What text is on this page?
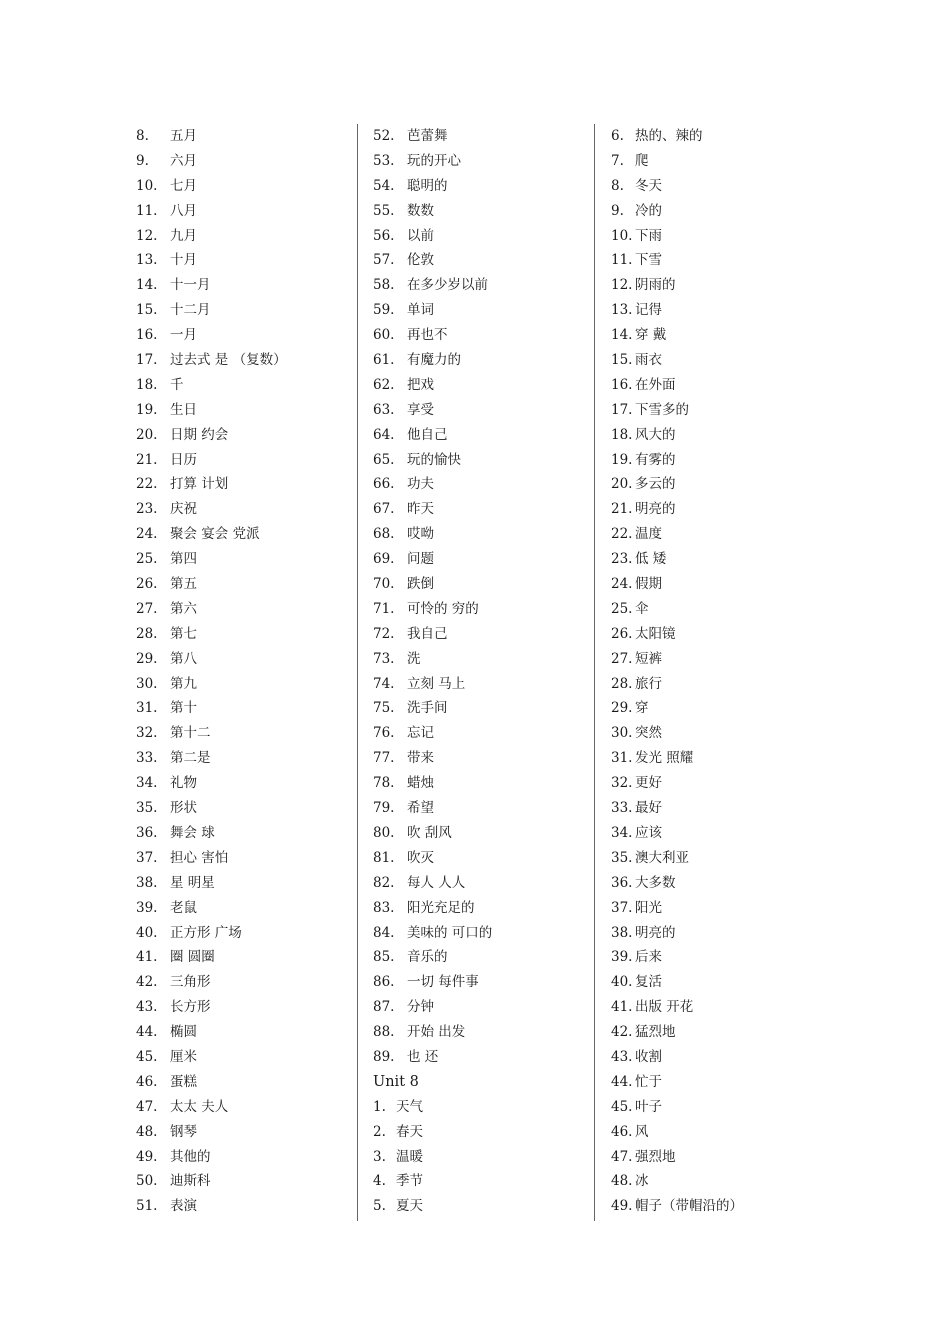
8.	五月
9.	六月
10. 七月
11. 八月
12. 九月
13. 十月
14. 十一月
15. 十二月
16. 一月
17. 过去式 是 （复数）
18. 千
19. 生日
20. 日期 约会
21. 日历
22. 打算 计划
23. 庆祝
24. 聚会 宴会 党派
25. 第四
26. 第五
27. 第六
28. 第七
29. 第八
30. 第九
31. 第十
32. 第十二
33. 第二是
34. 礼物
35. 形状
36. 舞会 球
37. 担心 害怕
38. 星 明星
39. 老鼠
40. 正方形 广场
41. 圈 圆圈
42. 三角形
43. 长方形
44. 椭圆
45. 厘米
46. 蛋糕
47. 太太 夫人
48. 钢琴
49. 其他的
50. 迪斯科
51. 表演
52. 芭蕾舞
53. 玩的开心
54. 聪明的
55. 数数
56. 以前
57. 伦敦
58. 在多少岁以前
59. 单词
60. 再也不
61. 有魔力的
62. 把戏
63. 享受
64. 他自己
65. 玩的愉快
66. 功夫
67. 昨天
68. 哎呦
69. 问题
70. 跌倒
71. 可怜的 穷的
72. 我自己
73. 洗
74. 立刻 马上
75. 洗手间
76. 忘记
77. 带来
78. 蜡烛
79. 希望
80. 吹 刮风
81. 吹灭
82. 每人 人人
83. 阳光充足的
84. 美味的 可口的
85. 音乐的
86. 一切 每件事
87. 分钟
88. 开始 出发
89. 也 还
Unit 8
1. 天气
2. 春天
3. 温暖
4. 季节
5. 夏天
6. 热的、辣的
7. 爬
8. 冬天
9. 冷的
10. 下雨
11. 下雪
12. 阴雨的
13. 记得
14. 穿 戴
15. 雨衣
16. 在外面
17. 下雪多的
18. 风大的
19. 有雾的
20. 多云的
21. 明亮的
22. 温度
23. 低 矮
24. 假期
25. 伞
26. 太阳镜
27. 短裤
28. 旅行
29. 穿
30. 突然
31. 发光 照耀
32. 更好
33. 最好
34. 应该
35. 澳大利亚
36. 大多数
37. 阳光
38. 明亮的
39. 后来
40. 复活
41. 出版 开花
42. 猛烈地
43. 收割
44. 忙于
45. 叶子
46. 风
47. 强烈地
48. 冰
49. 帽子（带帽沿的）
